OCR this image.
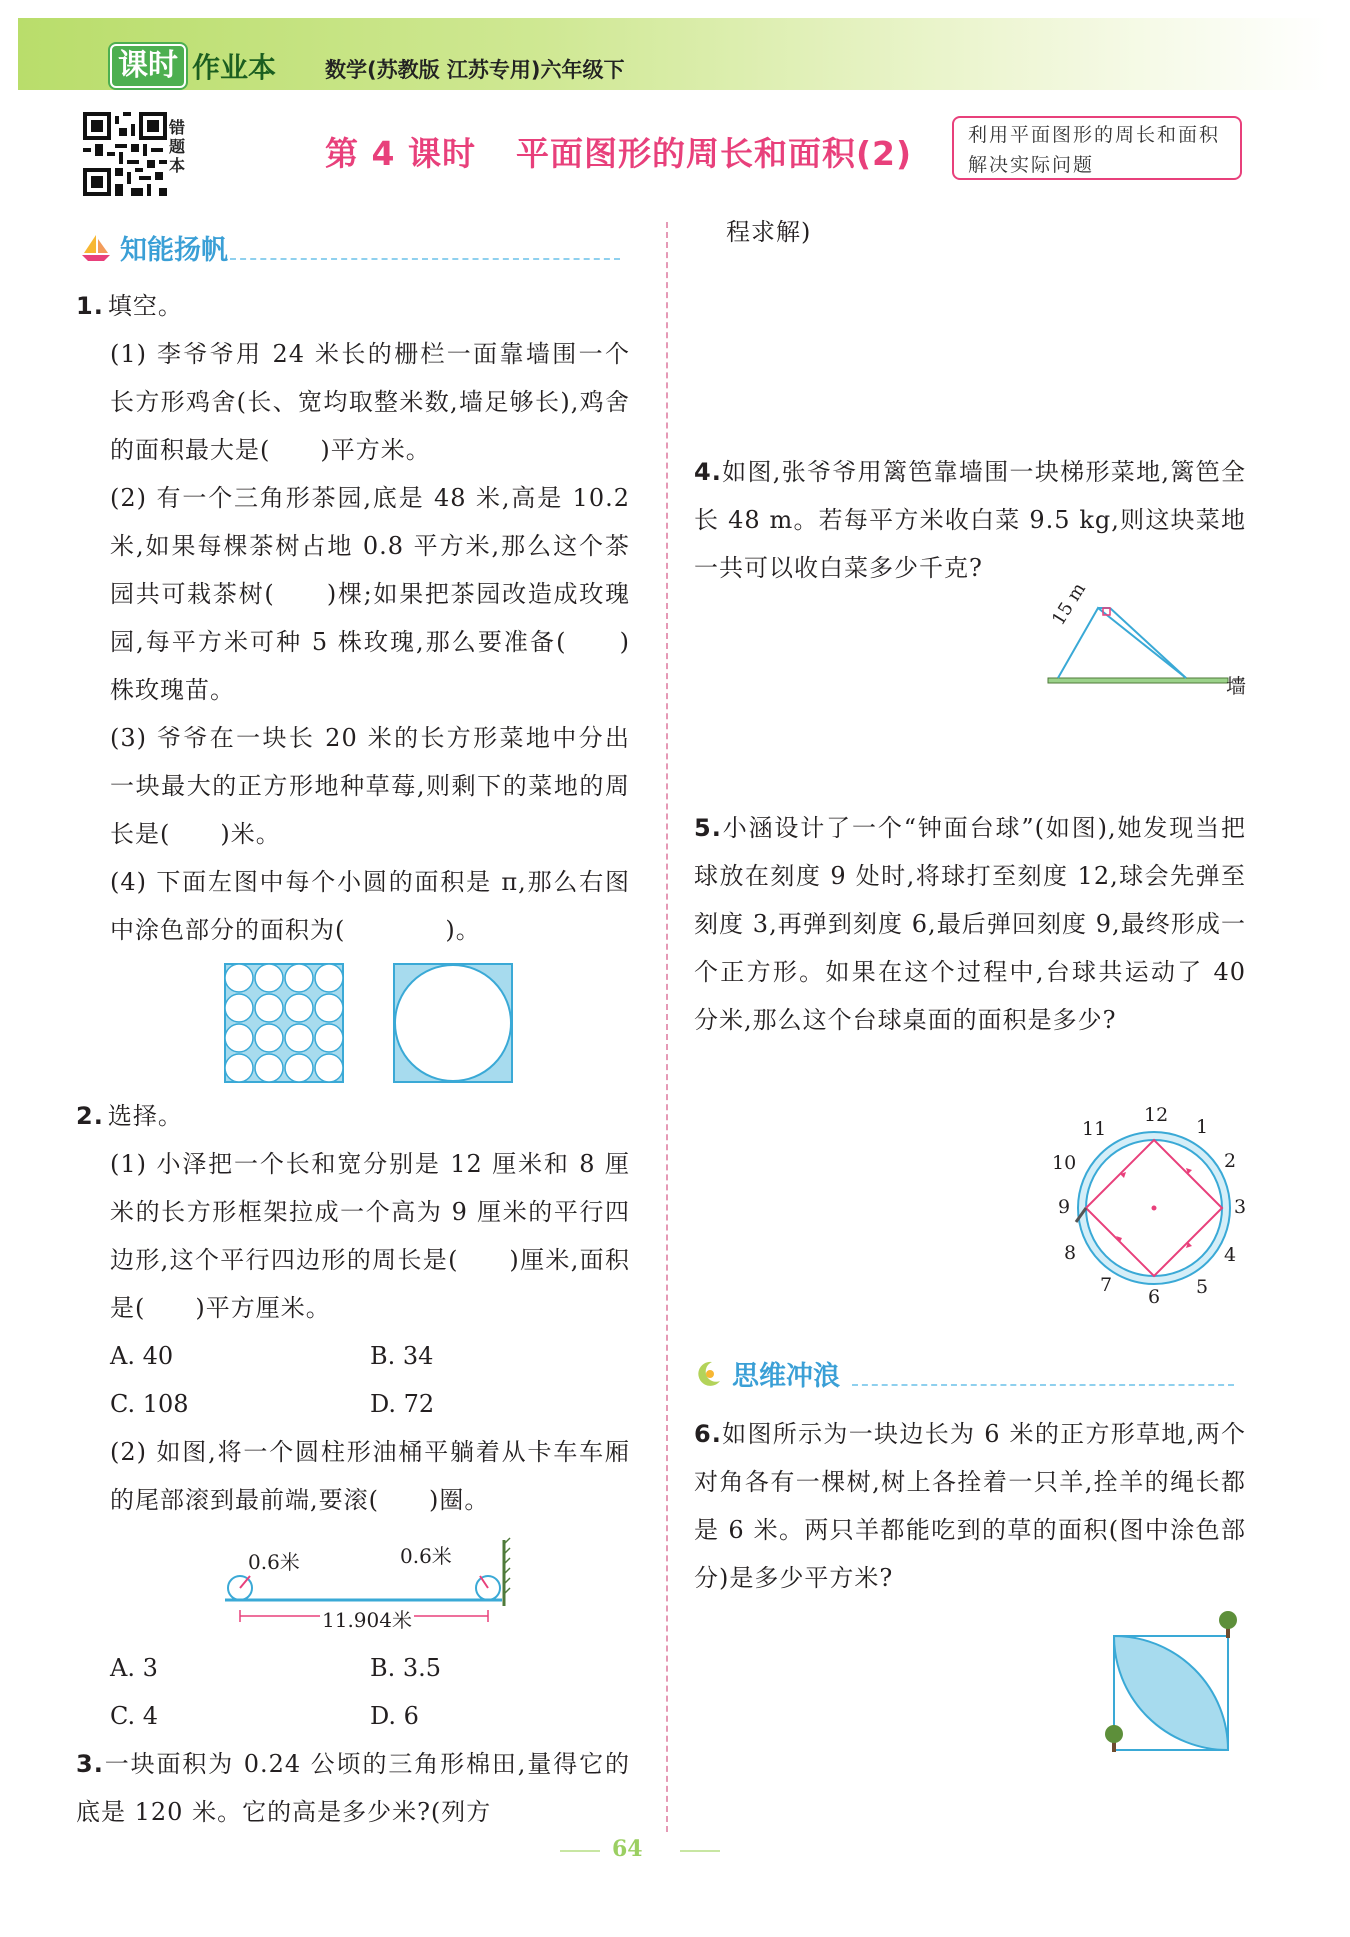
课时 作业本 数学(苏教版 江苏专用)六年级下
错题本	第 4 课时 平面图形的周长和面积(2)	利用平面图形的周长和面积解决实际问题
知能扬帆
1. 填空。
(1) 李爷爷用 24 米长的栅栏一面靠墙围一个长方形鸡舍(长、宽均取整米数,墙足够长),鸡舍的面积最大是(　　)平方米。
(2) 有一个三角形茶园,底是 48 米,高是 10.2 米,如果每棵茶树占地 0.8 平方米,那么这个茶园共可栽茶树(　　)棵;如果把茶园改造成玫瑰园,每平方米可种 5 株玫瑰,那么要准备(　　)株玫瑰苗。
(3) 爷爷在一块长 20 米的长方形菜地中分出一块最大的正方形地种草莓,则剩下的菜地的周长是(　　)米。
(4) 下面左图中每个小圆的面积是 π,那么右图中涂色部分的面积为(　　　　)。
2. 选择。
(1) 小泽把一个长和宽分别是 12 厘米和 8 厘米的长方形框架拉成一个高为 9 厘米的平行四边形,这个平行四边形的周长是(　　)厘米,面积是(　　)平方厘米。
A. 40	B. 34
C. 108	D. 72
(2) 如图,将一个圆柱形油桶平躺着从卡车车厢的尾部滚到最前端,要滚(　　)圈。
0.6米	0.6米
11.904米
A. 3	B. 3.5
C. 4	D. 6
3.一块面积为 0.24 公顷的三角形棉田,量得它的底是 120 米。它的高是多少米?(列方
程求解)
4.如图,张爷爷用篱笆靠墙围一块梯形菜地,篱笆全长 48 m。若每平方米收白菜 9.5 kg,则这块菜地一共可以收白菜多少千克?
15 m
墙
5.小涵设计了一个“钟面台球”(如图),她发现当把球放在刻度 9 处时,将球打至刻度 12,球会先弹至刻度 3,再弹到刻度 6,最后弹回刻度 9,最终形成一个正方形。如果在这个过程中,台球共运动了 40 分米,那么这个台球桌面的面积是多少?
12
1
2
3
4
5
6
7
8
9
10
11
思维冲浪
6.如图所示为一块边长为 6 米的正方形草地,两个对角各有一棵树,树上各拴着一只羊,拴羊的绳长都是 6 米。两只羊都能吃到的草的面积(图中涂色部分)是多少平方米?
64
